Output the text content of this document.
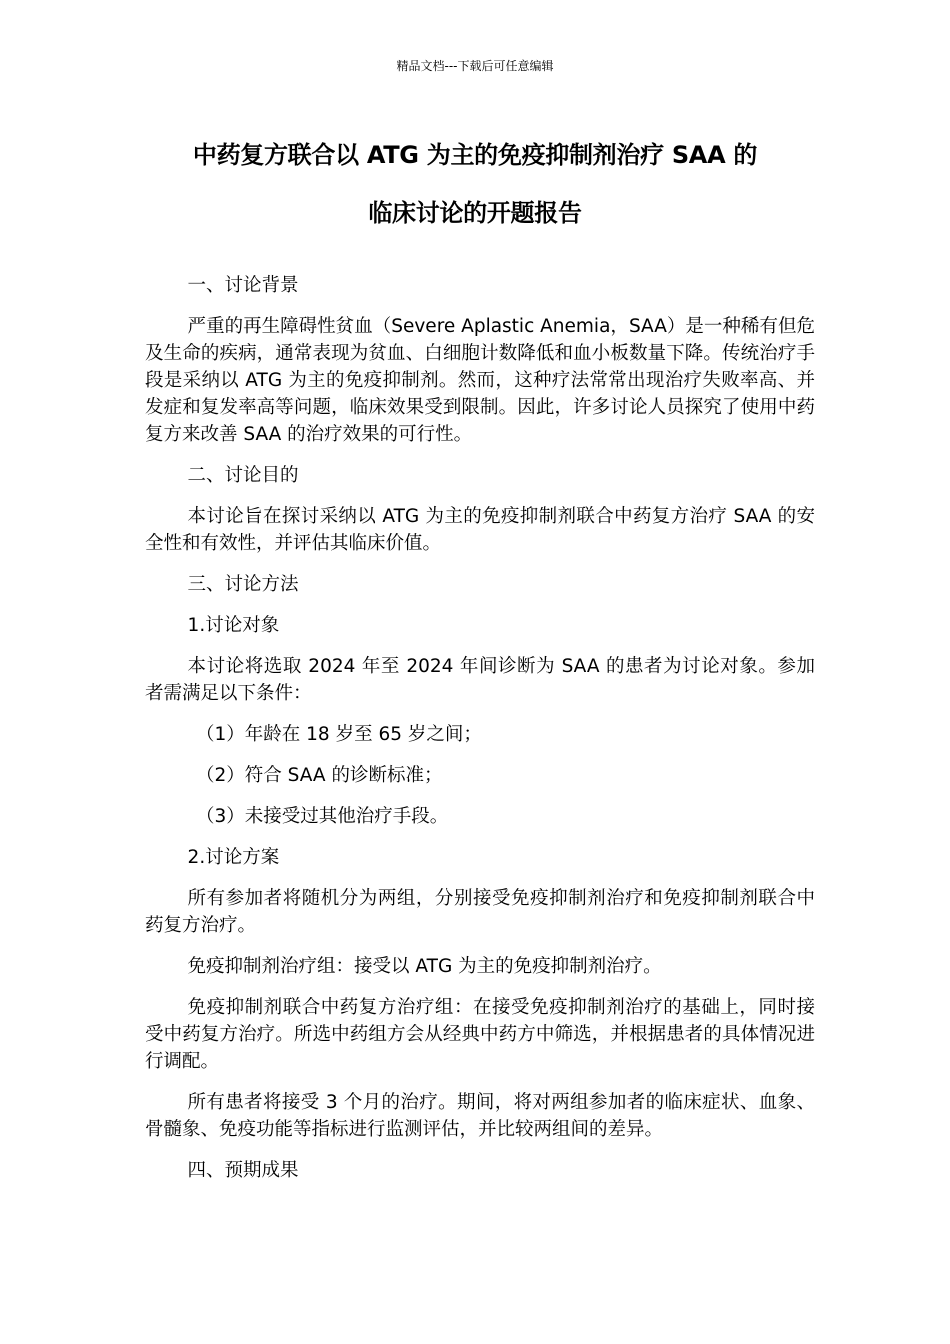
精品文档---下载后可任意编辑
中药复方联合以 ATG 为主的免疫抑制剂治疗 SAA 的
临床讨论的开题报告

一、讨论背景

严重的再生障碍性贫血（Severe Aplastic Anemia，SAA）是一种稀有但危及生命的疾病，通常表现为贫血、白细胞计数降低和血小板数量下降。传统治疗手段是采纳以 ATG 为主的免疫抑制剂。然而，这种疗法常常出现治疗失败率高、并发症和复发率高等问题，临床效果受到限制。因此，许多讨论人员探究了使用中药复方来改善 SAA 的治疗效果的可行性。

二、讨论目的

本讨论旨在探讨采纳以 ATG 为主的免疫抑制剂联合中药复方治疗 SAA 的安全性和有效性，并评估其临床价值。

三、讨论方法

1.讨论对象

本讨论将选取 2024 年至 2024 年间诊断为 SAA 的患者为讨论对象。参加者需满足以下条件：

（1）年龄在 18 岁至 65 岁之间；

（2）符合 SAA 的诊断标准；

（3）未接受过其他治疗手段。

2.讨论方案

所有参加者将随机分为两组，分别接受免疫抑制剂治疗和免疫抑制剂联合中药复方治疗。

免疫抑制剂治疗组：接受以 ATG 为主的免疫抑制剂治疗。

免疫抑制剂联合中药复方治疗组：在接受免疫抑制剂治疗的基础上，同时接受中药复方治疗。所选中药组方会从经典中药方中筛选，并根据患者的具体情况进行调配。

所有患者将接受 3 个月的治疗。期间，将对两组参加者的临床症状、血象、骨髓象、免疫功能等指标进行监测评估，并比较两组间的差异。

四、预期成果
